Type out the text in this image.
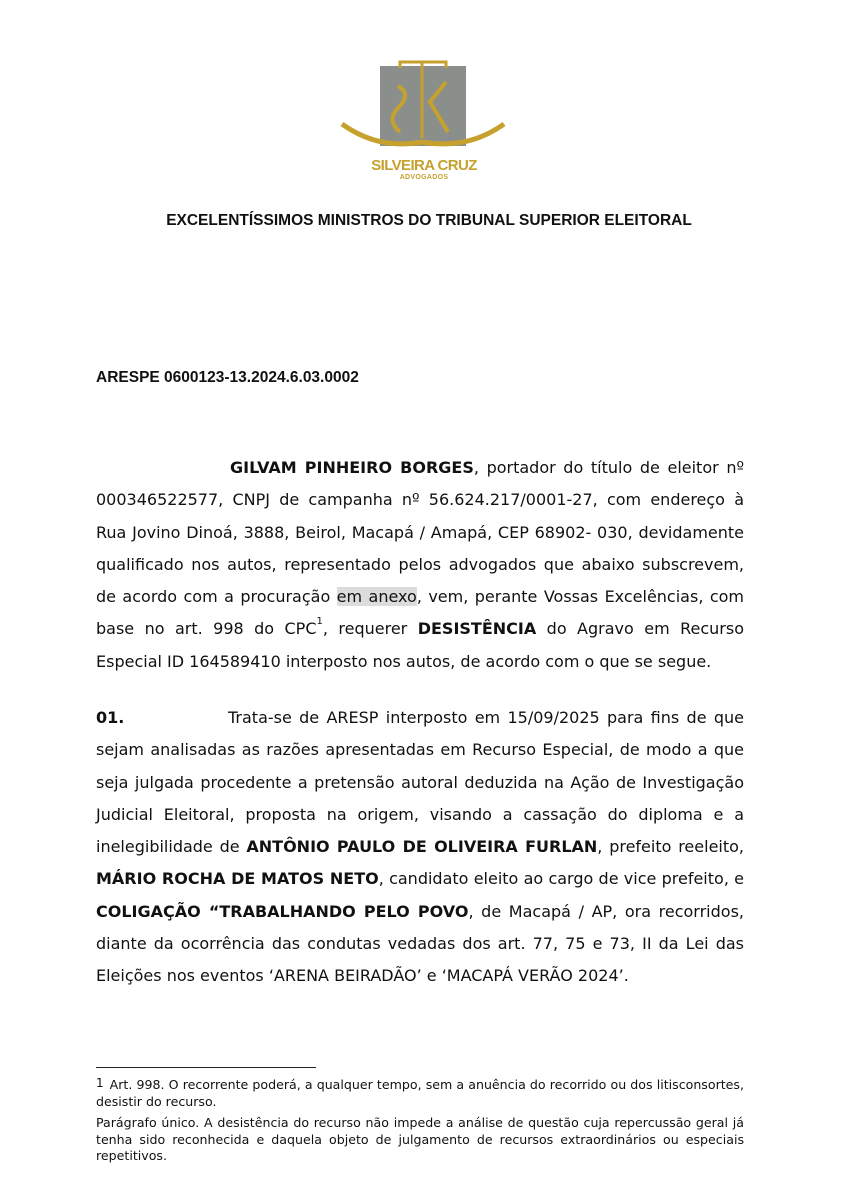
SILVEIRA CRUZ
ADVOGADOS
EXCELENTÍSSIMOS MINISTROS DO TRIBUNAL SUPERIOR ELEITORAL
ARESPE 0600123-13.2024.6.03.0002

GILVAM PINHEIRO BORGES, portador do título de eleitor nº 000346522577, CNPJ de campanha nº 56.624.217/0001-27, com endereço à Rua Jovino Dinoá, 3888, Beirol, Macapá / Amapá, CEP 68902- 030, devidamente qualificado nos autos, representado pelos advogados que abaixo subscrevem, de acordo com a procuração em anexo, vem, perante Vossas Excelências, com base no art. 998 do CPC$^1$, requerer DESISTÊNCIA do Agravo em Recurso Especial ID 164589410 interposto nos autos, de acordo com o que se segue.

01.	Trata-se de ARESP interposto em 15/09/2025 para fins de que sejam analisadas as razões apresentadas em Recurso Especial, de modo a que seja julgada procedente a pretensão autoral deduzida na Ação de Investigação Judicial Eleitoral, proposta na origem, visando a cassação do diploma e a inelegibilidade de ANTÔNIO PAULO DE OLIVEIRA FURLAN, prefeito reeleito, MÁRIO ROCHA DE MATOS NETO, candidato eleito ao cargo de vice prefeito, e COLIGAÇÃO “TRABALHANDO PELO POVO, de Macapá / AP, ora recorridos, diante da ocorrência das condutas vedadas dos art. 77, 75 e 73, II da Lei das Eleições nos eventos ‘ARENA BEIRADÃO’ e ‘MACAPÁ VERÃO 2024’.

1 Art. 998. O recorrente poderá, a qualquer tempo, sem a anuência do recorrido ou dos litisconsortes, desistir do recurso.

Parágrafo único. A desistência do recurso não impede a análise de questão cuja repercussão geral já tenha sido reconhecida e daquela objeto de julgamento de recursos extraordinários ou especiais repetitivos.
